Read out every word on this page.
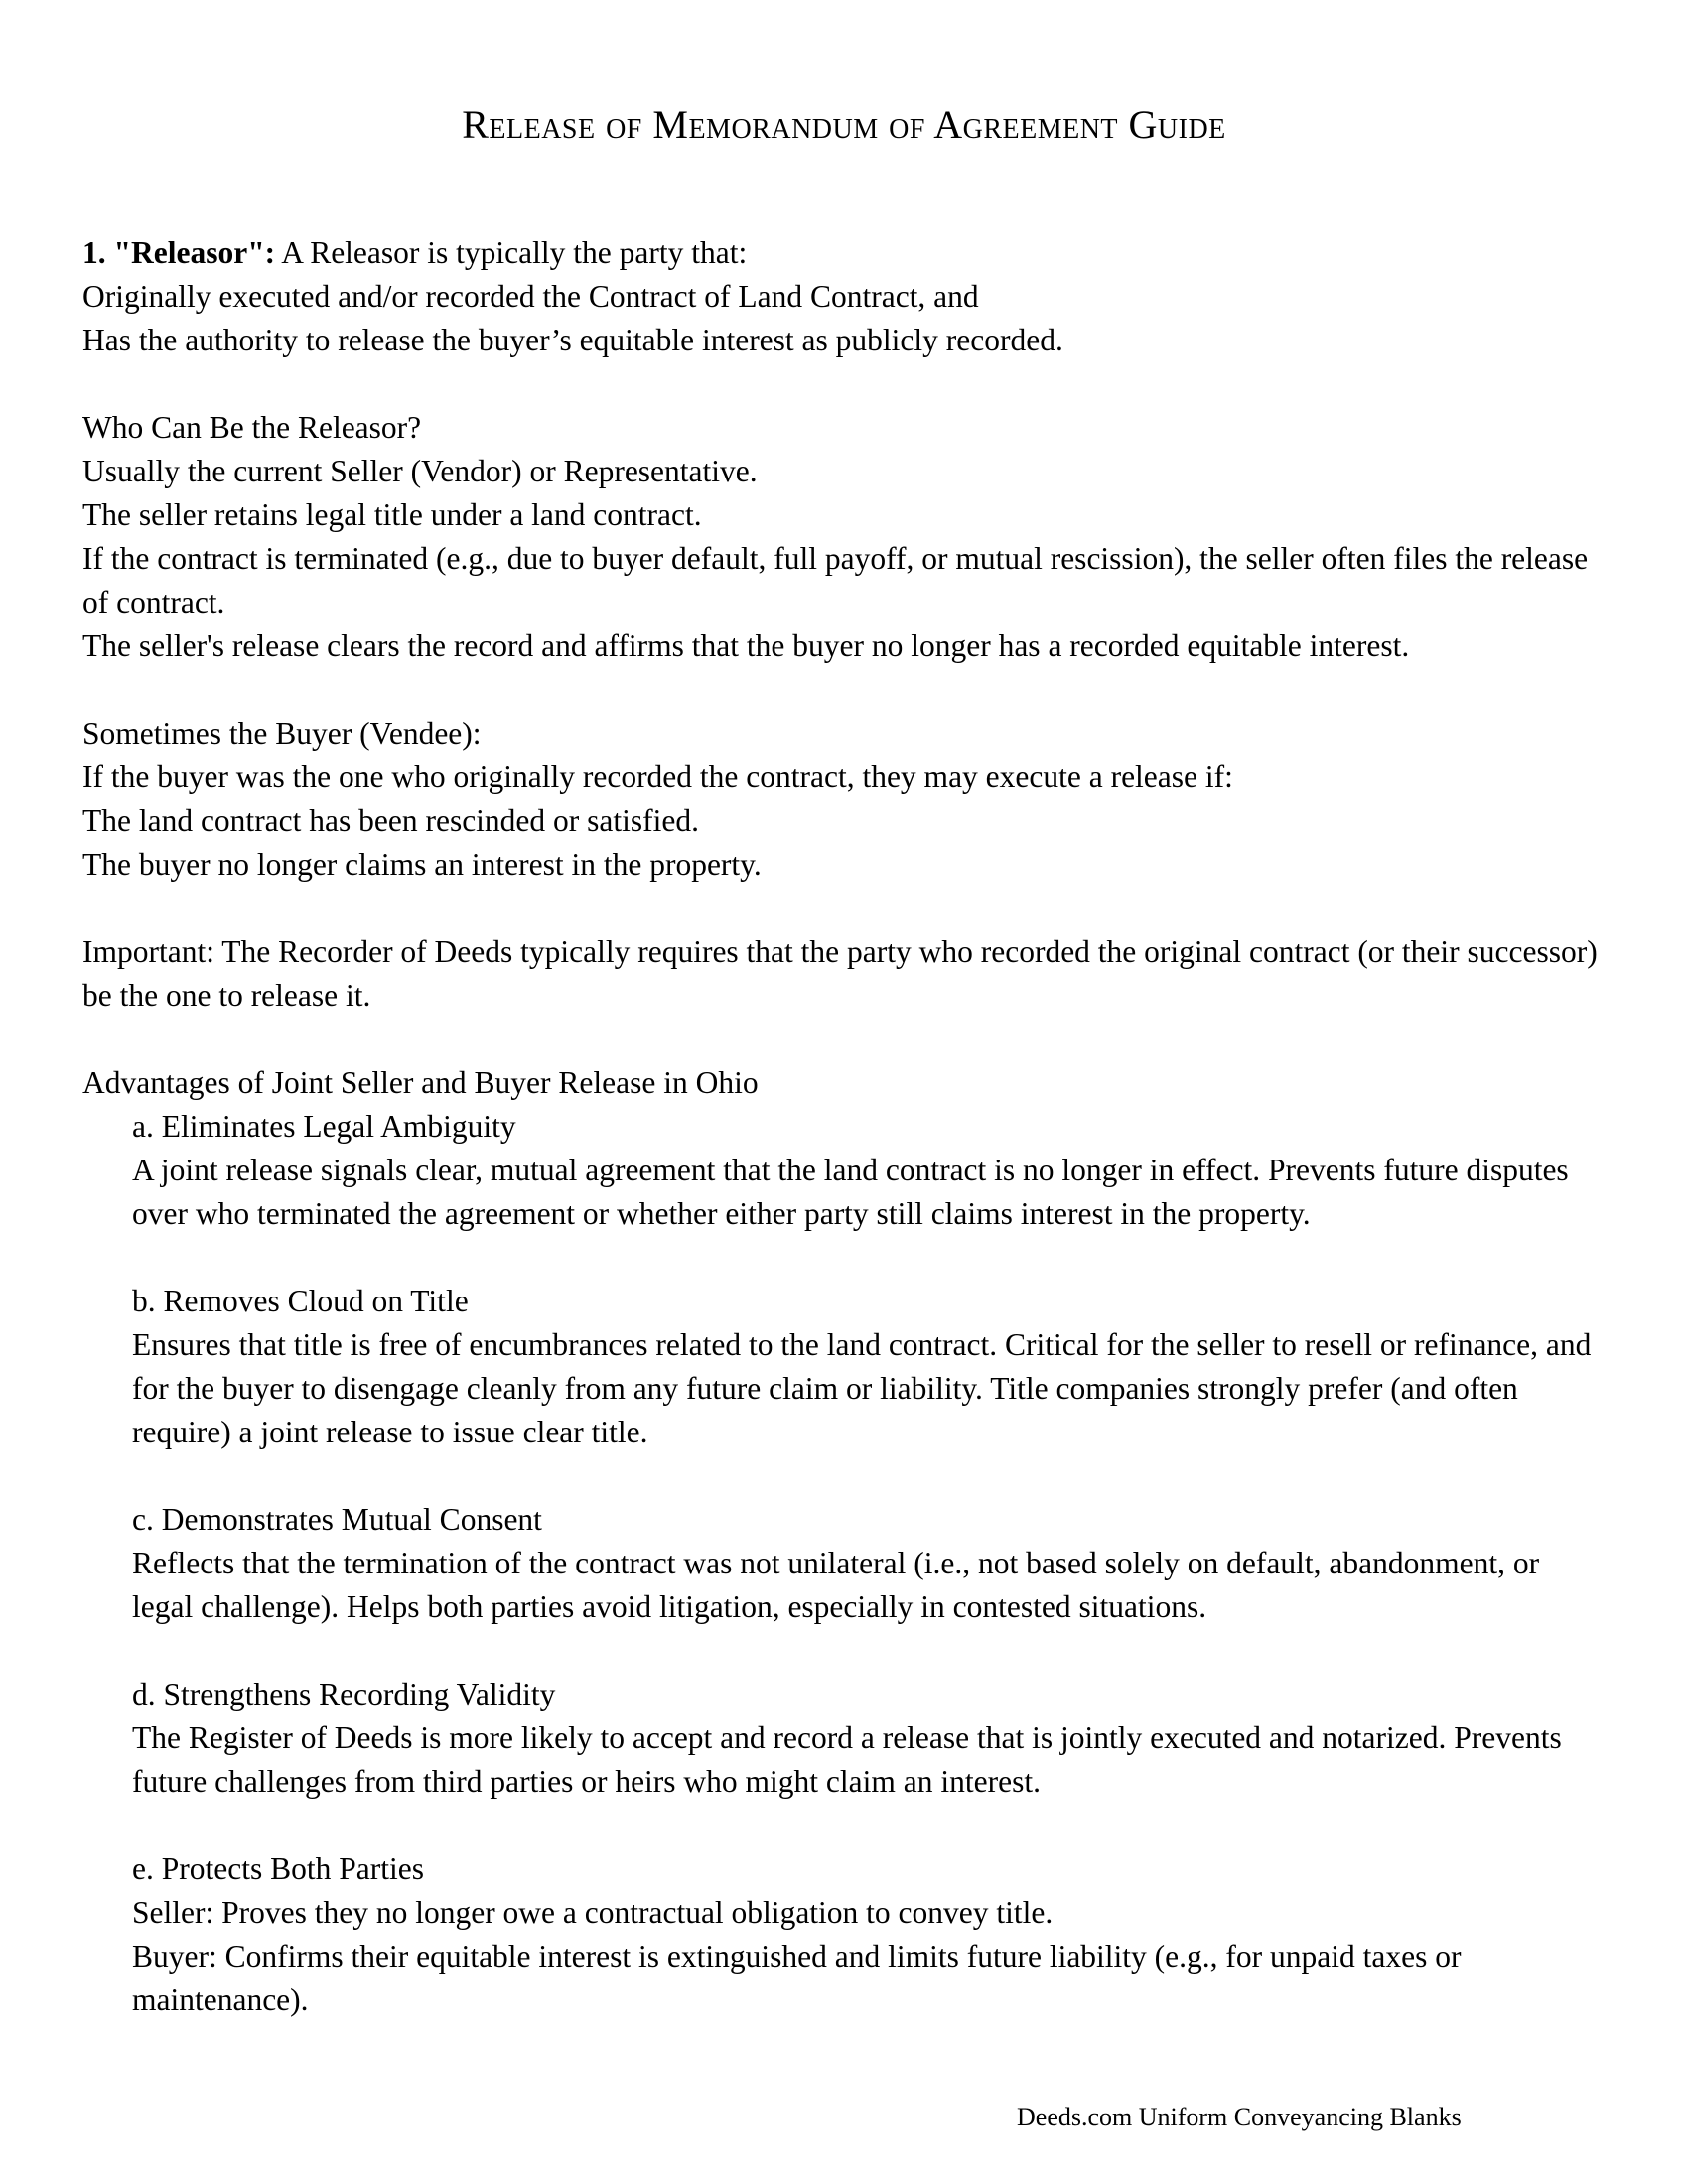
Release of Memorandum of Agreement Guide

1. "Releasor": A Releasor is typically the party that:

Originally executed and/or recorded the Contract of Land Contract, and

Has the authority to release the buyer’s equitable interest as publicly recorded.

Who Can Be the Releasor?

Usually the current Seller (Vendor) or Representative.

The seller retains legal title under a land contract.

If the contract is terminated (e.g., due to buyer default, full payoff, or mutual rescission), the seller often files the release of contract.

The seller's release clears the record and affirms that the buyer no longer has a recorded equitable interest.

Sometimes the Buyer (Vendee):

If the buyer was the one who originally recorded the contract, they may execute a release if:

The land contract has been rescinded or satisfied.

The buyer no longer claims an interest in the property.

Important: The Recorder of Deeds typically requires that the party who recorded the original contract (or their successor) be the one to release it.

Advantages of Joint Seller and Buyer Release in Ohio

a. Eliminates Legal Ambiguity

A joint release signals clear, mutual agreement that the land contract is no longer in effect. Prevents future disputes over who terminated the agreement or whether either party still claims interest in the property.

b. Removes Cloud on Title

Ensures that title is free of encumbrances related to the land contract. Critical for the seller to resell or refinance, and for the buyer to disengage cleanly from any future claim or liability. Title companies strongly prefer (and often require) a joint release to issue clear title.

c. Demonstrates Mutual Consent

Reflects that the termination of the contract was not unilateral (i.e., not based solely on default, abandonment, or legal challenge). Helps both parties avoid litigation, especially in contested situations.

d. Strengthens Recording Validity

The Register of Deeds is more likely to accept and record a release that is jointly executed and notarized. Prevents future challenges from third parties or heirs who might claim an interest.

e. Protects Both Parties

Seller: Proves they no longer owe a contractual obligation to convey title.

Buyer: Confirms their equitable interest is extinguished and limits future liability (e.g., for unpaid taxes or maintenance).

Deeds.com Uniform Conveyancing Blanks
